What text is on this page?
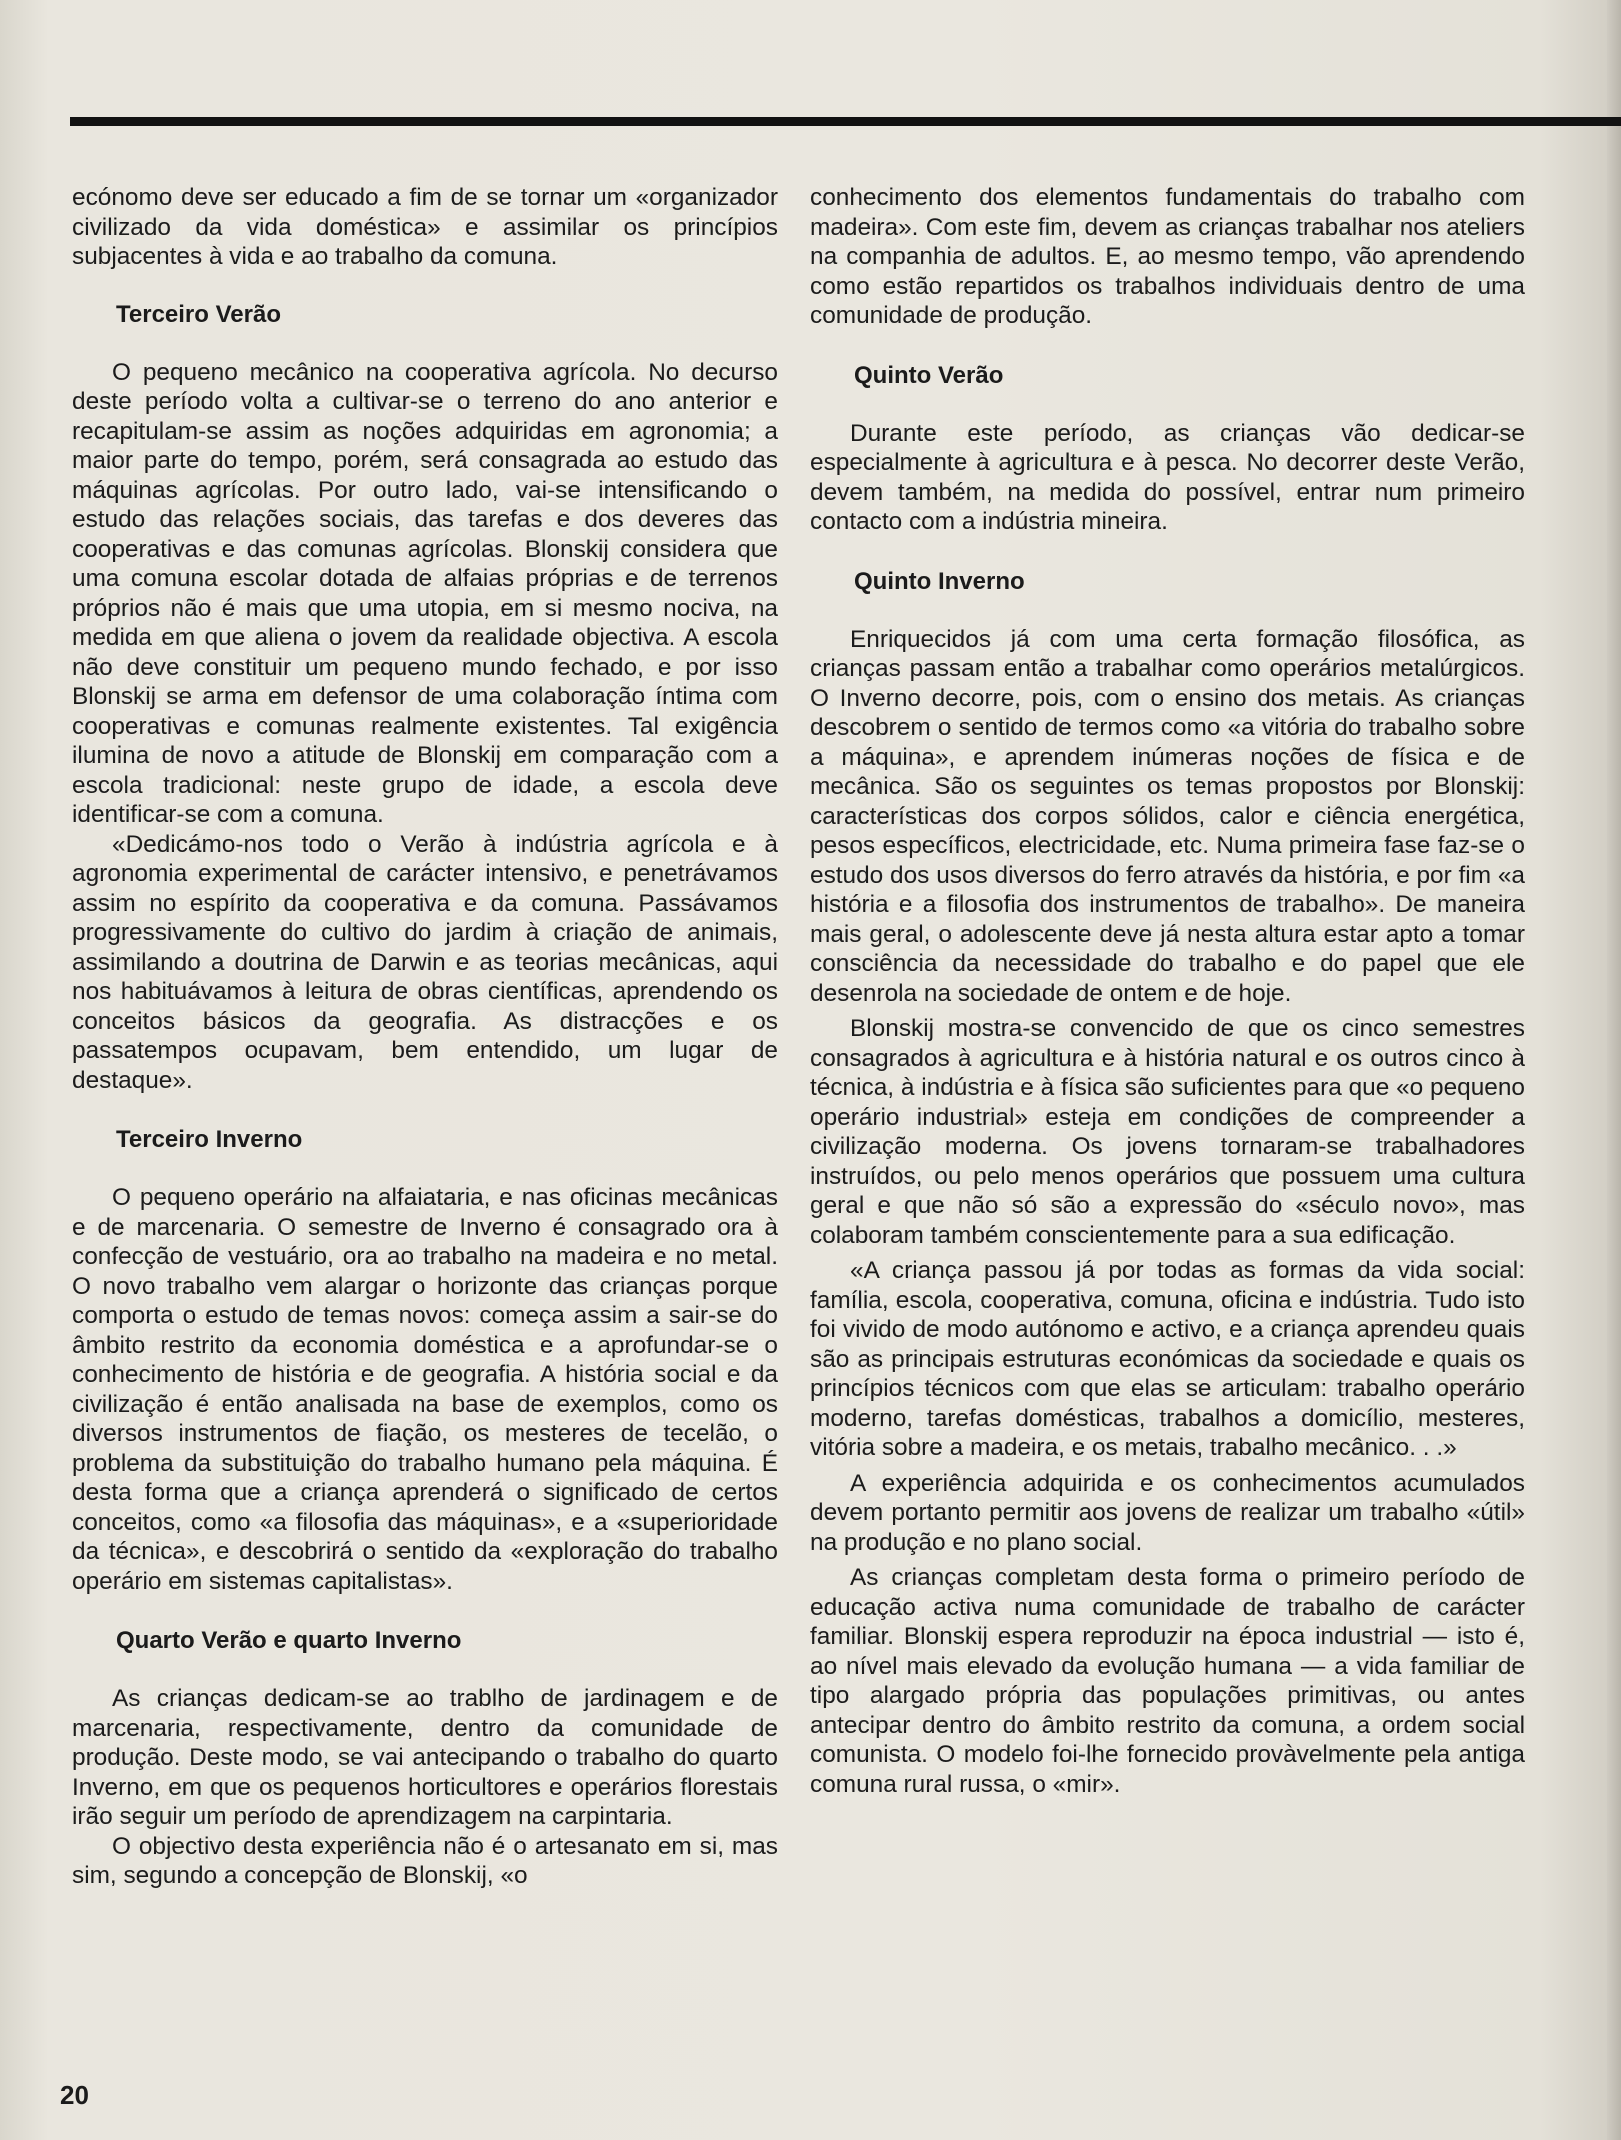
ecónomo deve ser educado a fim de se tornar um «organizador civilizado da vida doméstica» e assimilar os princípios subjacentes à vida e ao trabalho da comuna.

Terceiro Verão

O pequeno mecânico na cooperativa agrícola. No decurso deste período volta a cultivar-se o terreno do ano anterior e recapitulam-se assim as noções adquiridas em agronomia; a maior parte do tempo, porém, será consagrada ao estudo das máquinas agrícolas. Por outro lado, vai-se intensificando o estudo das relações sociais, das tarefas e dos deveres das cooperativas e das comunas agrícolas. Blonskij considera que uma comuna escolar dotada de alfaias próprias e de terrenos próprios não é mais que uma utopia, em si mesmo nociva, na medida em que aliena o jovem da realidade objectiva. A escola não deve constituir um pequeno mundo fechado, e por isso Blonskij se arma em defensor de uma colaboração íntima com cooperativas e comunas realmente existentes. Tal exigência ilumina de novo a atitude de Blonskij em comparação com a escola tradicional: neste grupo de idade, a escola deve identificar-se com a comuna.

«Dedicámo-nos todo o Verão à indústria agrícola e à agronomia experimental de carácter intensivo, e penetrávamos assim no espírito da cooperativa e da comuna. Passávamos progressivamente do cultivo do jardim à criação de animais, assimilando a doutrina de Darwin e as teorias mecânicas, aqui nos habituávamos à leitura de obras científicas, aprendendo os conceitos básicos da geografia. As distracções e os passatempos ocupavam, bem entendido, um lugar de destaque».

Terceiro Inverno

O pequeno operário na alfaiataria, e nas oficinas mecânicas e de marcenaria. O semestre de Inverno é consagrado ora à confecção de vestuário, ora ao trabalho na madeira e no metal. O novo trabalho vem alargar o horizonte das crianças porque comporta o estudo de temas novos: começa assim a sair-se do âmbito restrito da economia doméstica e a aprofundar-se o conhecimento de história e de geografia. A história social e da civilização é então analisada na base de exemplos, como os diversos instrumentos de fiação, os mesteres de tecelão, o problema da substituição do trabalho humano pela máquina. É desta forma que a criança aprenderá o significado de certos conceitos, como «a filosofia das máquinas», e a «superioridade da técnica», e descobrirá o sentido da «exploração do trabalho operário em sistemas capitalistas».

Quarto Verão e quarto Inverno

As crianças dedicam-se ao trablho de jardinagem e de marcenaria, respectivamente, dentro da comunidade de produção. Deste modo, se vai antecipando o trabalho do quarto Inverno, em que os pequenos horticultores e operários florestais irão seguir um período de aprendizagem na carpintaria.

O objectivo desta experiência não é o artesanato em si, mas sim, segundo a concepção de Blonskij, «o

conhecimento dos elementos fundamentais do trabalho com madeira». Com este fim, devem as crianças trabalhar nos ateliers na companhia de adultos. E, ao mesmo tempo, vão aprendendo como estão repartidos os trabalhos individuais dentro de uma comunidade de produção.

Quinto Verão

Durante este período, as crianças vão dedicar-se especialmente à agricultura e à pesca. No decorrer deste Verão, devem também, na medida do possível, entrar num primeiro contacto com a indústria mineira.

Quinto Inverno

Enriquecidos já com uma certa formação filosófica, as crianças passam então a trabalhar como operários metalúrgicos. O Inverno decorre, pois, com o ensino dos metais. As crianças descobrem o sentido de termos como «a vitória do trabalho sobre a máquina», e aprendem inúmeras noções de física e de mecânica. São os seguintes os temas propostos por Blonskij: características dos corpos sólidos, calor e ciência energética, pesos específicos, electricidade, etc. Numa primeira fase faz-se o estudo dos usos diversos do ferro através da história, e por fim «a história e a filosofia dos instrumentos de trabalho». De maneira mais geral, o adolescente deve já nesta altura estar apto a tomar consciência da necessidade do trabalho e do papel que ele desenrola na sociedade de ontem e de hoje.

Blonskij mostra-se convencido de que os cinco semestres consagrados à agricultura e à história natural e os outros cinco à técnica, à indústria e à física são suficientes para que «o pequeno operário industrial» esteja em condições de compreender a civilização moderna. Os jovens tornaram-se trabalhadores instruídos, ou pelo menos operários que possuem uma cultura geral e que não só são a expressão do «século novo», mas colaboram também conscientemente para a sua edificação.

«A criança passou já por todas as formas da vida social: família, escola, cooperativa, comuna, oficina e indústria. Tudo isto foi vivido de modo autónomo e activo, e a criança aprendeu quais são as principais estruturas económicas da sociedade e quais os princípios técnicos com que elas se articulam: trabalho operário moderno, tarefas domésticas, trabalhos a domicílio, mesteres, vitória sobre a madeira, e os metais, trabalho mecânico. . .»

A experiência adquirida e os conhecimentos acumulados devem portanto permitir aos jovens de realizar um trabalho «útil» na produção e no plano social.

As crianças completam desta forma o primeiro período de educação activa numa comunidade de trabalho de carácter familiar. Blonskij espera reproduzir na época industrial — isto é, ao nível mais elevado da evolução humana — a vida familiar de tipo alargado própria das populações primitivas, ou antes antecipar dentro do âmbito restrito da comuna, a ordem social comunista. O modelo foi-lhe fornecido provàvelmente pela antiga comuna rural russa, o «mir».

20
